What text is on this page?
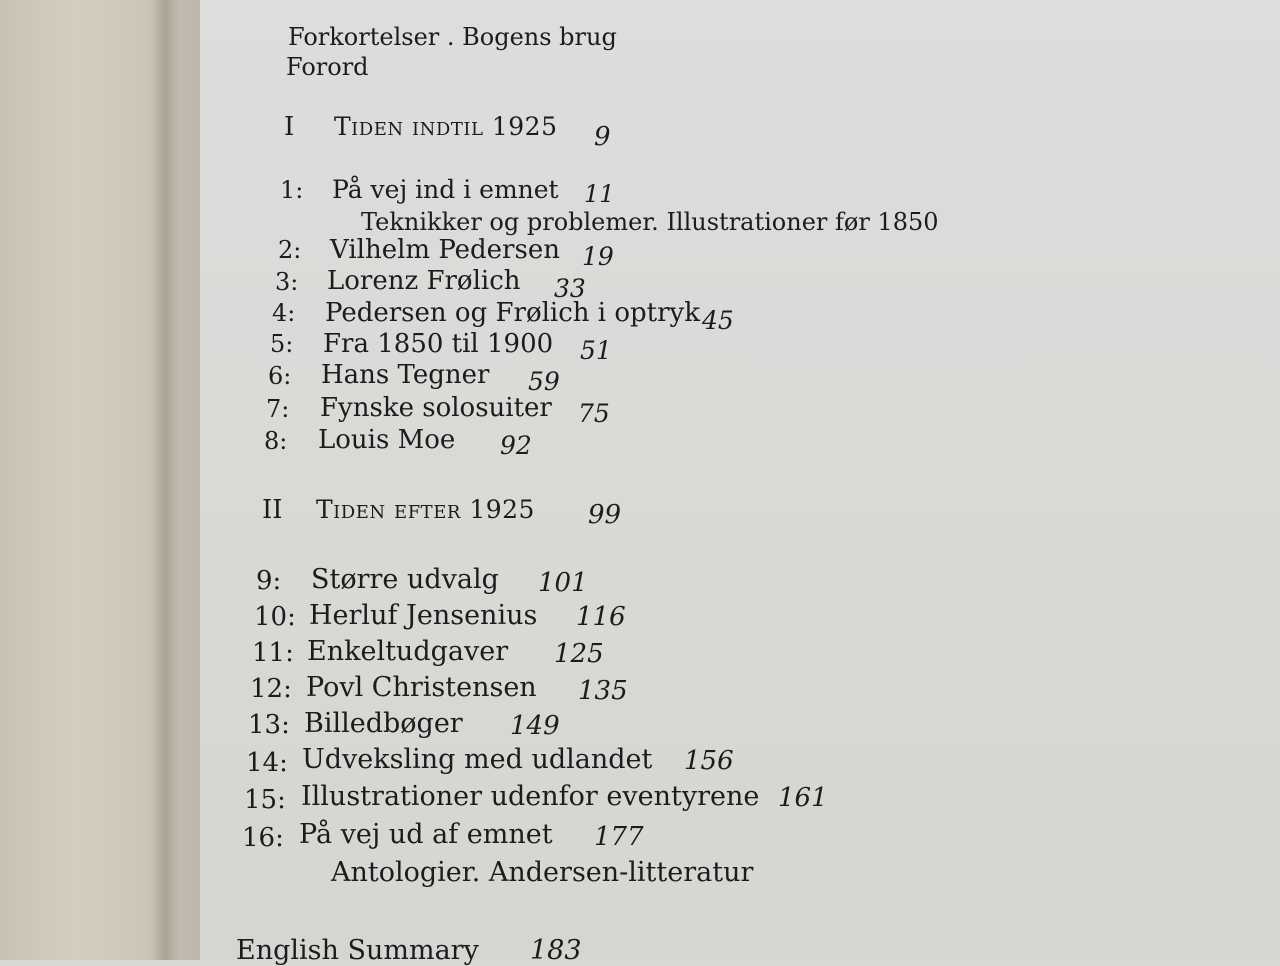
Forkortelser . Bogens brug
Forord
I Tiden indtil 1925 9
1: På vej ind i emnet 11
Teknikker og problemer. Illustrationer før 1850
2: Vilhelm Pedersen 19
3: Lorenz Frølich 33
4: Pedersen og Frølich i optryk 45
5: Fra 1850 til 1900 51
6: Hans Tegner 59
7: Fynske solosuiter 75
8: Louis Moe 92
II Tiden efter 1925 99
9: Større udvalg 101
10: Herluf Jensenius 116
11: Enkeltudgaver 125
12: Povl Christensen 135
13: Billedbøger 149
14: Udveksling med udlandet 156
15: Illustrationer udenfor eventyrene 161
16: På vej ud af emnet 177
Antologier. Andersen-litteratur
English Summary 183
